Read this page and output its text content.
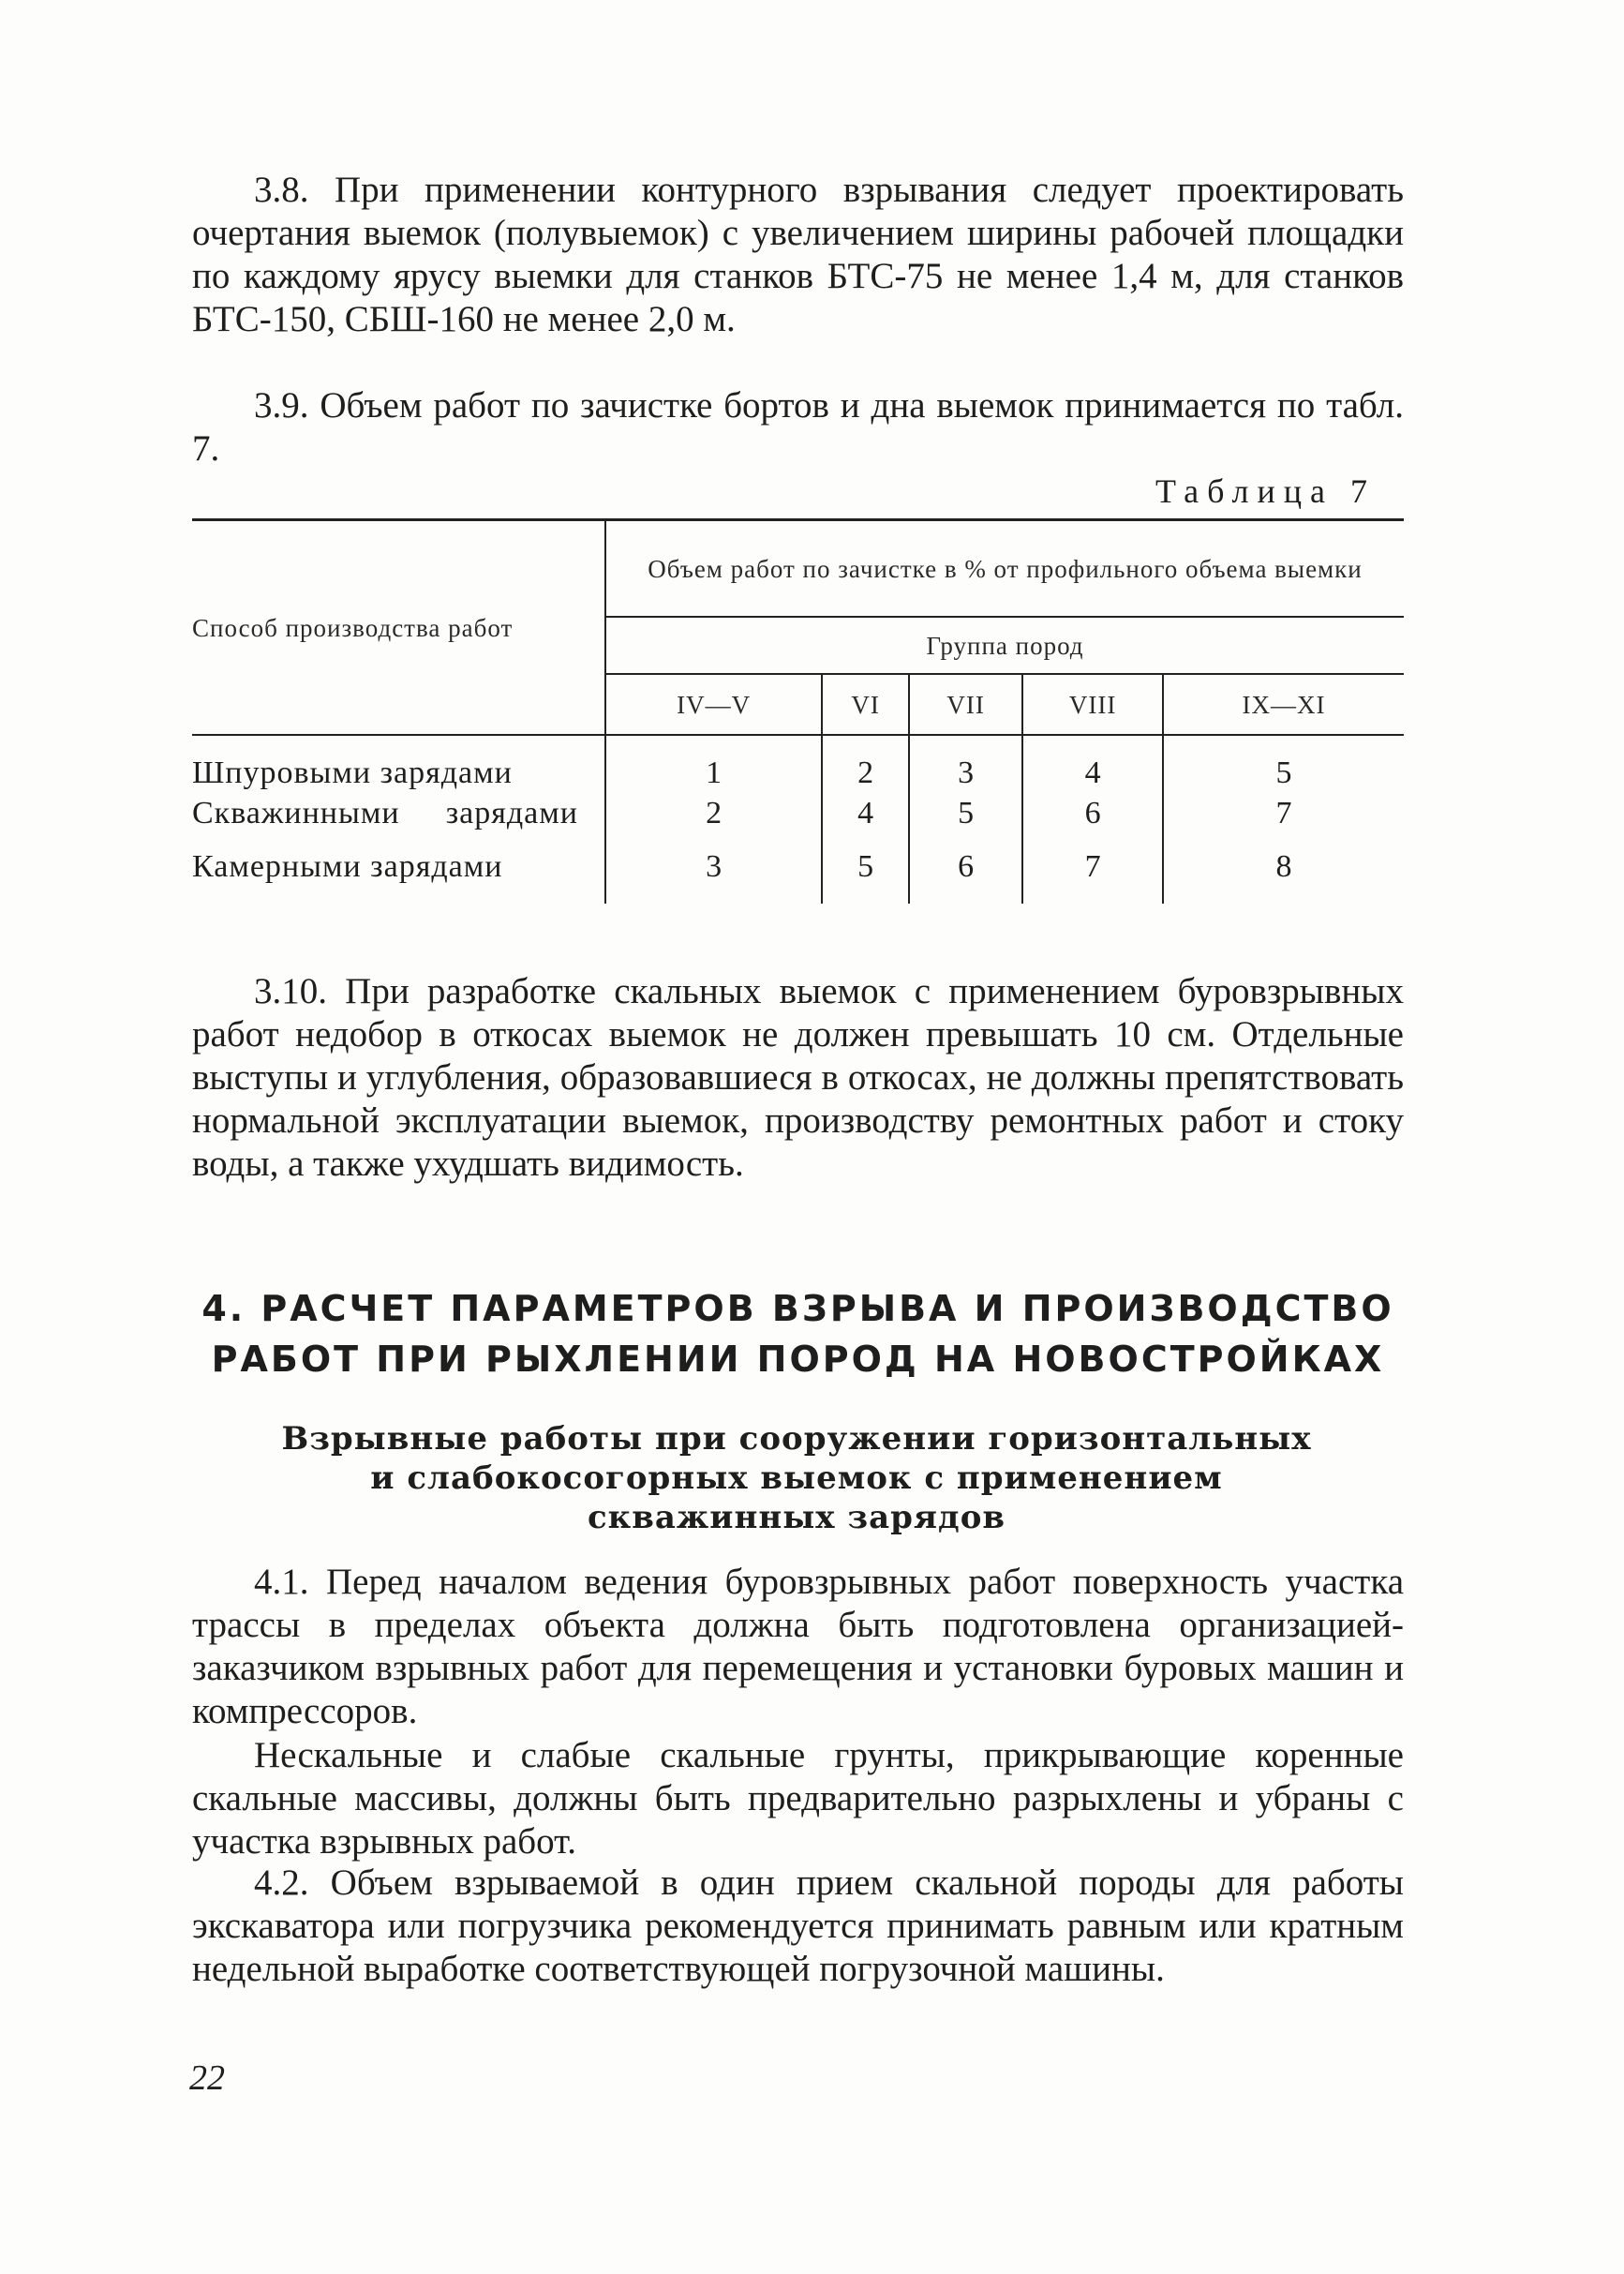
3.8. При применении контурного взрывания следует проектировать очертания выемок (полувыемок) с увеличением ширины рабочей площадки по каждому ярусу выемки для станков БТС-75 не менее 1,4 м, для станков БТС-150, СБШ-160 не менее 2,0 м.

3.9. Объем работ по зачистке бортов и дна выемок принимается по табл. 7.

Таблица 7

Способ производства работ	Объем работ по зачистке в % от профильного объема выемки				
	Группа пород				
	IV—V	VI	VII	VIII	IX—XI
Шпуровыми зарядами	1	2	3	4	5
Скважинными зарядами	2	4	5	6	7
Камерными зарядами	3	5	6	7	8

3.10. При разработке скальных выемок с применением буровзрывных работ недобор в откосах выемок не должен превышать 10 см. Отдельные выступы и углубления, образовавшиеся в откосах, не должны препятствовать нормальной эксплуатации выемок, производству ремонтных работ и стоку воды, а также ухудшать видимость.

4. РАСЧЕТ ПАРАМЕТРОВ ВЗРЫВА И ПРОИЗВОДСТВО РАБОТ ПРИ РЫХЛЕНИИ ПОРОД НА НОВОСТРОЙКАХ
Взрывные работы при сооружении горизонтальных и слабокосогорных выемок с применением скважинных зарядов

4.1. Перед началом ведения буровзрывных работ поверхность участка трассы в пределах объекта должна быть подготовлена организацией-заказчиком взрывных работ для перемещения и установки буровых машин и компрессоров.

Нескальные и слабые скальные грунты, прикрывающие коренные скальные массивы, должны быть предварительно разрыхлены и убраны с участка взрывных работ.

4.2. Объем взрываемой в один прием скальной породы для работы экскаватора или погрузчика рекомендуется принимать равным или кратным недельной выработке соответствующей погрузочной машины.

22
